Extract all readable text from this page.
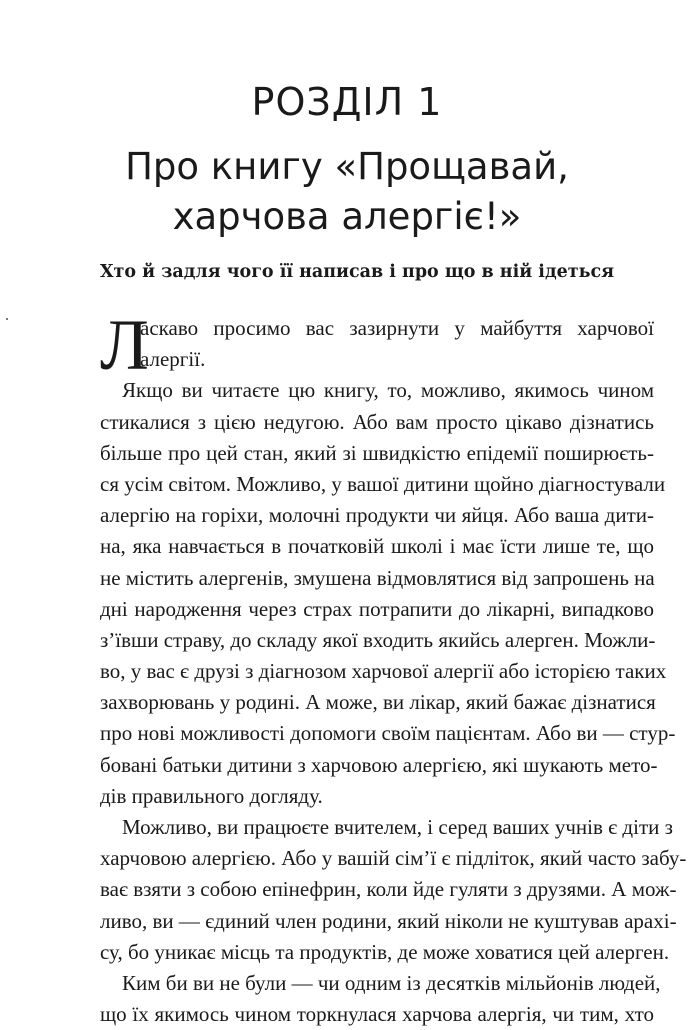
РОЗДІЛ 1
Про книгу «Прощавай,
харчова алергіє!»
Хто й задля чого її написав і про що в ній ідеться
Л
аскаво просимо вас зазирнути у майбуття харчової
алергії.
Якщо ви читаєте цю книгу, то, можливо, якимось чином
стикалися з цією недугою. Або вам просто цікаво дізнатись
більше про цей стан, який зі швидкістю епідемії поширюєть-
ся усім світом. Можливо, у вашої дитини щойно діагностували
алергію на горіхи, молочні продукти чи яйця. Або ваша дити-
на, яка навчається в початковій школі і має їсти лише те, що
не містить алергенів, змушена відмовлятися від запрошень на
дні народження через страх потрапити до лікарні, випадково
з’ївши страву, до складу якої входить якийсь алерген. Можли-
во, у вас є друзі з діагнозом харчової алергії або історією таких
захворювань у родині. А може, ви лікар, який бажає дізнатися
про нові можливості допомоги своїм пацієнтам. Або ви — стур-
бовані батьки дитини з харчовою алергією, які шукають мето-
дів правильного догляду.
Можливо, ви працюєте вчителем, і серед ваших учнів є діти з
харчовою алергією. Або у вашій сім’ї є підліток, який часто забу-
ває взяти з собою епінефрин, коли йде гуляти з друзями. А мож-
ливо, ви — єдиний член родини, який ніколи не куштував арахі-
су, бо уникає місць та продуктів, де може ховатися цей алерген.
Ким би ви не були — чи одним із десятків мільйонів людей,
що їх якимось чином торкнулася харчова алергія, чи тим, хто
